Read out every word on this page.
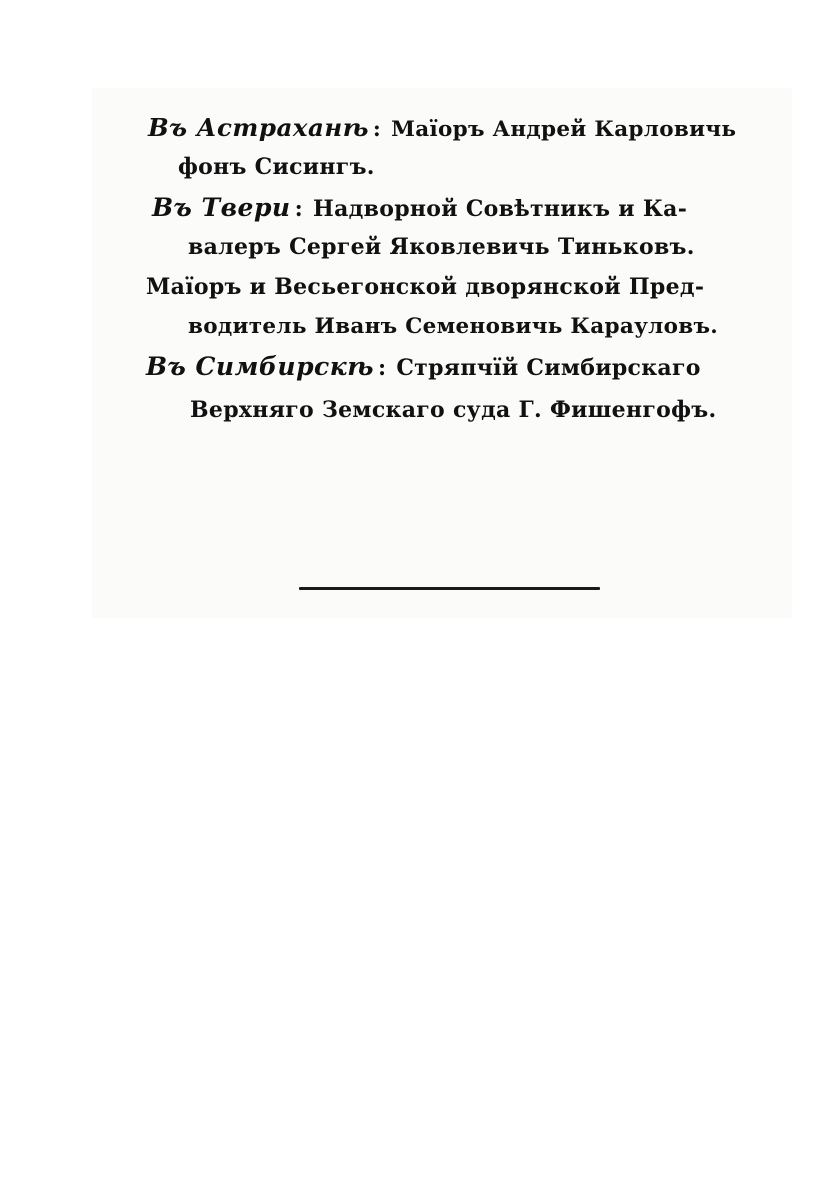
Въ Астраханѣ : Маїоръ Андрей Карловичь
фонъ Сисингъ.
Въ Твери : Надворной Совѣтникъ и Ка-
валеръ Сергей Яковлевичь Тиньковъ.
Маїоръ и Весьегонской дворянской Пред-
водитель Иванъ Семеновичь Карауловъ.
Въ Симбирскѣ : Стряпчїй Симбирскаго
Верхняго Земскаго суда Г. Фишенгофъ.
